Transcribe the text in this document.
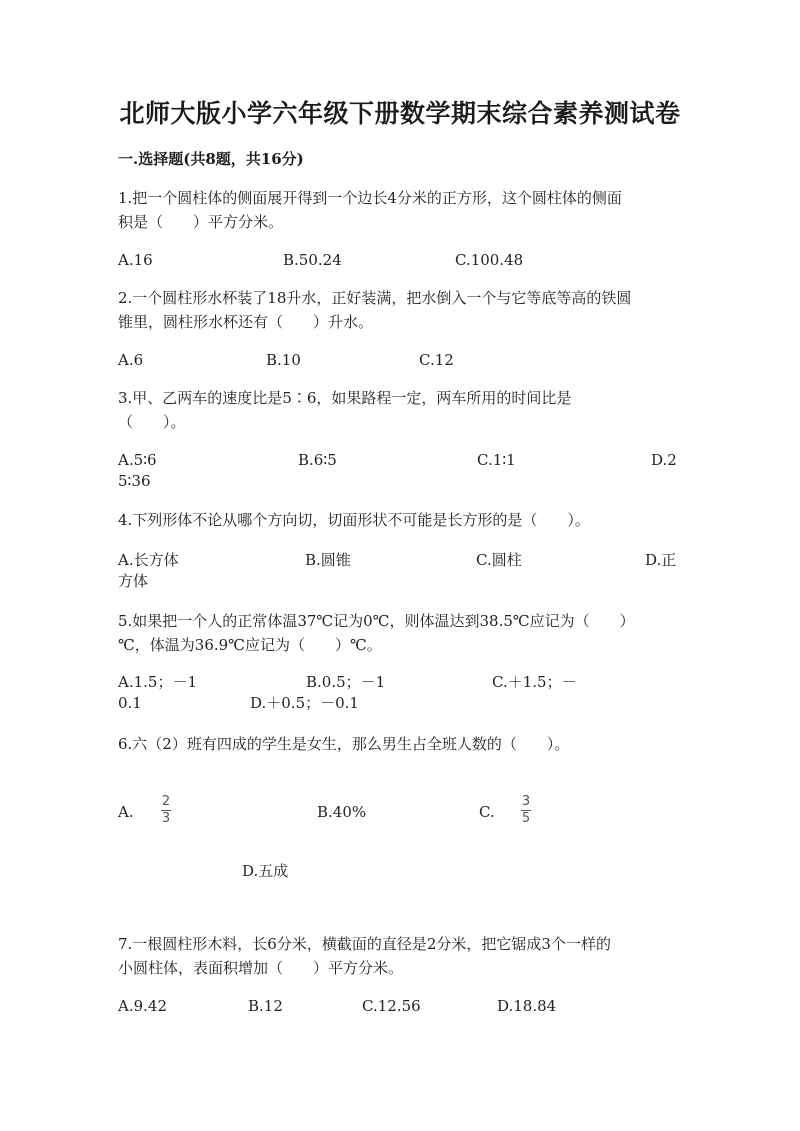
北师大版小学六年级下册数学期末综合素养测试卷
一.选择题(共8题，共16分)
1.把一个圆柱体的侧面展开得到一个边长4分米的正方形，这个圆柱体的侧面
积是（　　）平方分米。
A.16	B.50.24	C.100.48
2.一个圆柱形水杯装了18升水，正好装满，把水倒入一个与它等底等高的铁圆
锥里，圆柱形水杯还有（　　）升水。
A.6	B.10	C.12
3.甲、乙两车的速度比是5∶6，如果路程一定，两车所用的时间比是
（　　）。
A.5∶6	B.6∶5	C.1∶1	D.2
5∶36
4.下列形体不论从哪个方向切，切面形状不可能是长方形的是（　　）。
A.长方体	B.圆锥	C.圆柱	D.正
方体
5.如果把一个人的正常体温37℃记为0℃，则体温达到38.5℃应记为（　　）
℃，体温为36.9℃应记为（　　）℃。
A.1.5；－1	B.0.5；－1	C.＋1.5；－
0.1	D.＋0.5；－0.1
6.六（2）班有四成的学生是女生，那么男生占全班人数的（　　）。
A.
2
3	B.40%	C.
3
5
D.五成
7.一根圆柱形木料，长6分米，横截面的直径是2分米，把它锯成3个一样的
小圆柱体，表面积增加（　　）平方分米。
A.9.42	B.12	C.12.56	D.18.84
